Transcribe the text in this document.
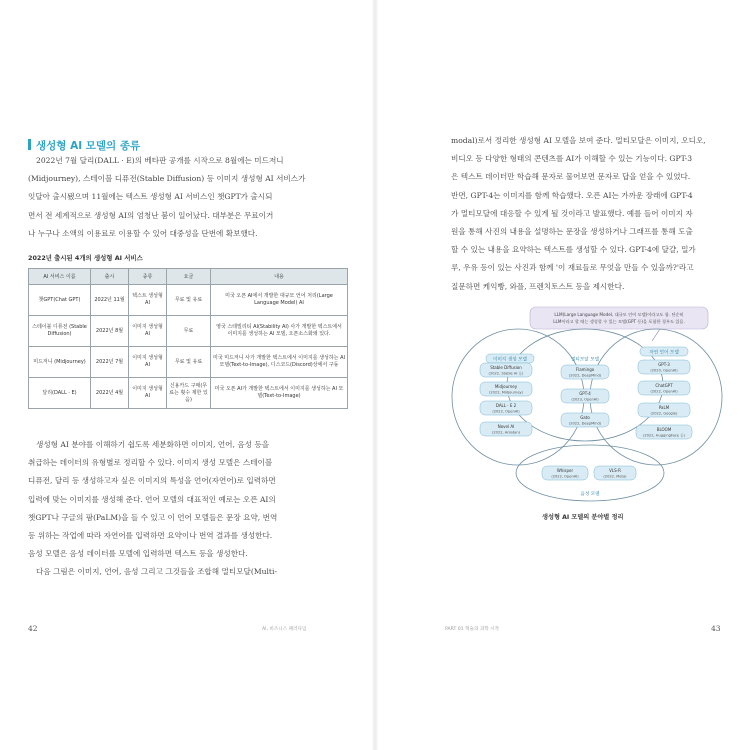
생성형 AI 모델의 종류
2022년 7월 달리(DALL · E)의 베타판 공개를 시작으로 8월에는 미드저니
(Midjourney), 스테이블 디퓨전(Stable Diffusion) 등 이미지 생성형 AI 서비스가
잇달아 출시됐으며 11월에는 텍스트 생성형 AI 서비스인 챗GPT가 출시되
면서 전 세계적으로 생성형 AI의 엄청난 붐이 일어났다. 대부분은 무료이거
나 누구나 소액의 이용료로 이용할 수 있어 대중성을 단번에 확보했다.
2022년 출시된 4개의 생성형 AI 서비스
AI 서비스 이름	출시	종류	요금	내용
챗GPT(Chat GPT)	2022년 11월	텍스트 생성형 AI	무료 및 유료	미국 오픈 AI에서 개발한 대규모 언어 처리(Large Language Model) AI
스테이블 디퓨전 (Stable Diffusion)	2022년 8월	이미지 생성형 AI	무료	영국 스테빌리티 AI(Stability AI) 사가 개발한 텍스트에서 이미지를 생성하는 AI 모델, 오픈소스화돼 있다.
미드저니 (Midjourney)	2022년 7월	이미지 생성형 AI	무료 및 유료	미국 미드저니 사가 개발한 텍스트에서 이미지를 생성하는 AI 모델(Text-to-Image), 디스코드(Discord)상에서 구동
달리(DALL · E)	2022년 4월	이미지 생성형 AI	신용카드 구매(무료는 횟수 제한 있음)	미국 오픈 AI가 개발한 텍스트에서 이미지를 생성하는 AI 모델(Text-to-Image)
생성형 AI 분야를 이해하기 쉽도록 세분화하면 이미지, 언어, 음성 등을
취급하는 데이터의 유형별로 정리할 수 있다. 이미지 생성 모델은 스테이블
디퓨전, 달리 등 생성하고자 싶은 이미지의 특성을 언어(자연어)로 입력하면
입력에 맞는 이미지를 생성해 준다. 언어 모델의 대표적인 예로는 오픈 AI의
챗GPT나 구글의 팜(PaLM)을 들 수 있고 이 언어 모델들은 문장 요약, 번역
등 위하는 작업에 따라 자연어를 입력하면 요약이나 번역 결과를 생성한다.
음성 모델은 음성 데이터를 모델에 입력하면 텍스트 등을 생성한다.
다음 그림은 이미지, 언어, 음성 그리고 그것들을 조합해 멀티모달(Multi-
42	AI, 비즈니스 패러다임
modal)로서 정리한 생성형 AI 모델을 보여 준다. 멀티모달은 이미지, 오디오,
비디오 등 다양한 형태의 콘텐츠를 AI가 이해할 수 있는 기능이다. GPT-3
은 텍스트 데이터만 학습해 문자로 물어보면 문자로 답을 얻을 수 있었다.
반면, GPT-4는 이미지를 함께 학습했다. 오픈 AI는 가까운 장래에 GPT-4
가 멀티모달에 대응할 수 있게 될 것이라고 발표했다. 예를 들어 이미지 자
원을 통해 사진의 내용을 설명하는 문장을 생성하거나 그래프를 통해 도출
할 수 있는 내용을 요약하는 텍스트를 생성할 수 있다. GPT-4에 달걀, 밀가
루, 우유 등이 있는 사진과 함께 '이 재료들로 무엇을 만들 수 있을까?'라고
질문하면 케익빵, 와플, 프렌치토스트 등을 제시한다.
LLM(Large Language Model, 대규모 언어 모델)이라고도 함. 단순히
LLM이라고 할 때는 생성할 수 있는 모델(GPT 등)을 포함한 경우도 있음.
이미지 생성 모델	멀티모달 모델
자연 언어 모델
음성 모델
Stable Diffusion
(2022, Stable AI 등)
Midjourney
(2022, Midjourney)
DALL · E 2
(2022, OpenAI)
Novel AI
(2022, Anlatan)
Flamingo
(2022, DeepMind)
GPT-4
(2023, OpenAI)
Gato
(2022, DeepMind)
GPT-3
(2020, OpenAI)
ChatGPT
(2022, OpenAI)
PaLM
(2022, Google)
BLOOM
(2022, HuggingFace 등)
Whisper
(2022, OpenAI)
VLS-R
(2022, Meta)
생성형 AI 모델의 분야별 정리
PART 01 혁슬과 과학 시작	43
